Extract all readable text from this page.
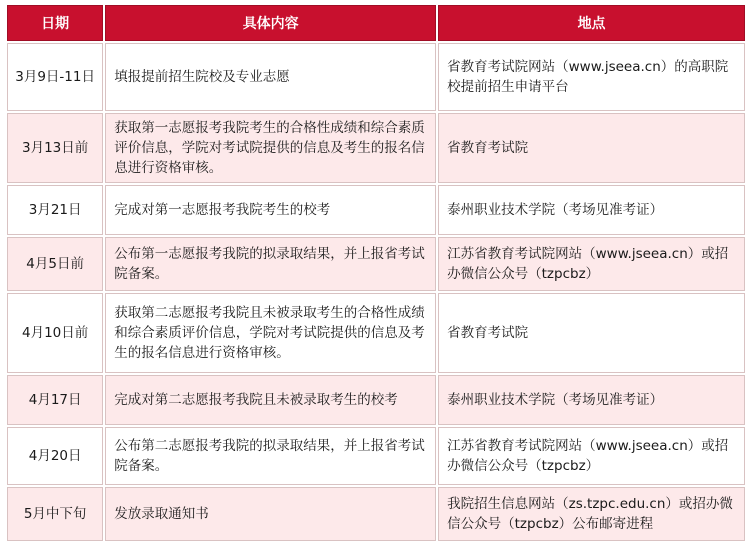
日期	具体内容	地点
3月9日-11日	填报提前招生院校及专业志愿	省教育考试院网站（www.jseea.cn）的高职院校提前招生申请平台
3月13日前	获取第一志愿报考我院考生的合格性成绩和综合素质评价信息，学院对考试院提供的信息及考生的报名信息进行资格审核。	省教育考试院
3月21日	完成对第一志愿报考我院考生的校考	泰州职业技术学院（考场见准考证）
4月5日前	公布第一志愿报考我院的拟录取结果，并上报省考试院备案。	江苏省教育考试院网站（www.jseea.cn）或招办微信公众号（tzpcbz）
4月10日前	获取第二志愿报考我院且未被录取考生的合格性成绩和综合素质评价信息，学院对考试院提供的信息及考生的报名信息进行资格审核。	省教育考试院
4月17日	完成对第二志愿报考我院且未被录取考生的校考	泰州职业技术学院（考场见准考证）
4月20日	公布第二志愿报考我院的拟录取结果，并上报省考试院备案。	江苏省教育考试院网站（www.jseea.cn）或招办微信公众号（tzpcbz）
5月中下旬	发放录取通知书	我院招生信息网站（zs.tzpc.edu.cn）或招办微信公众号（tzpcbz）公布邮寄进程
